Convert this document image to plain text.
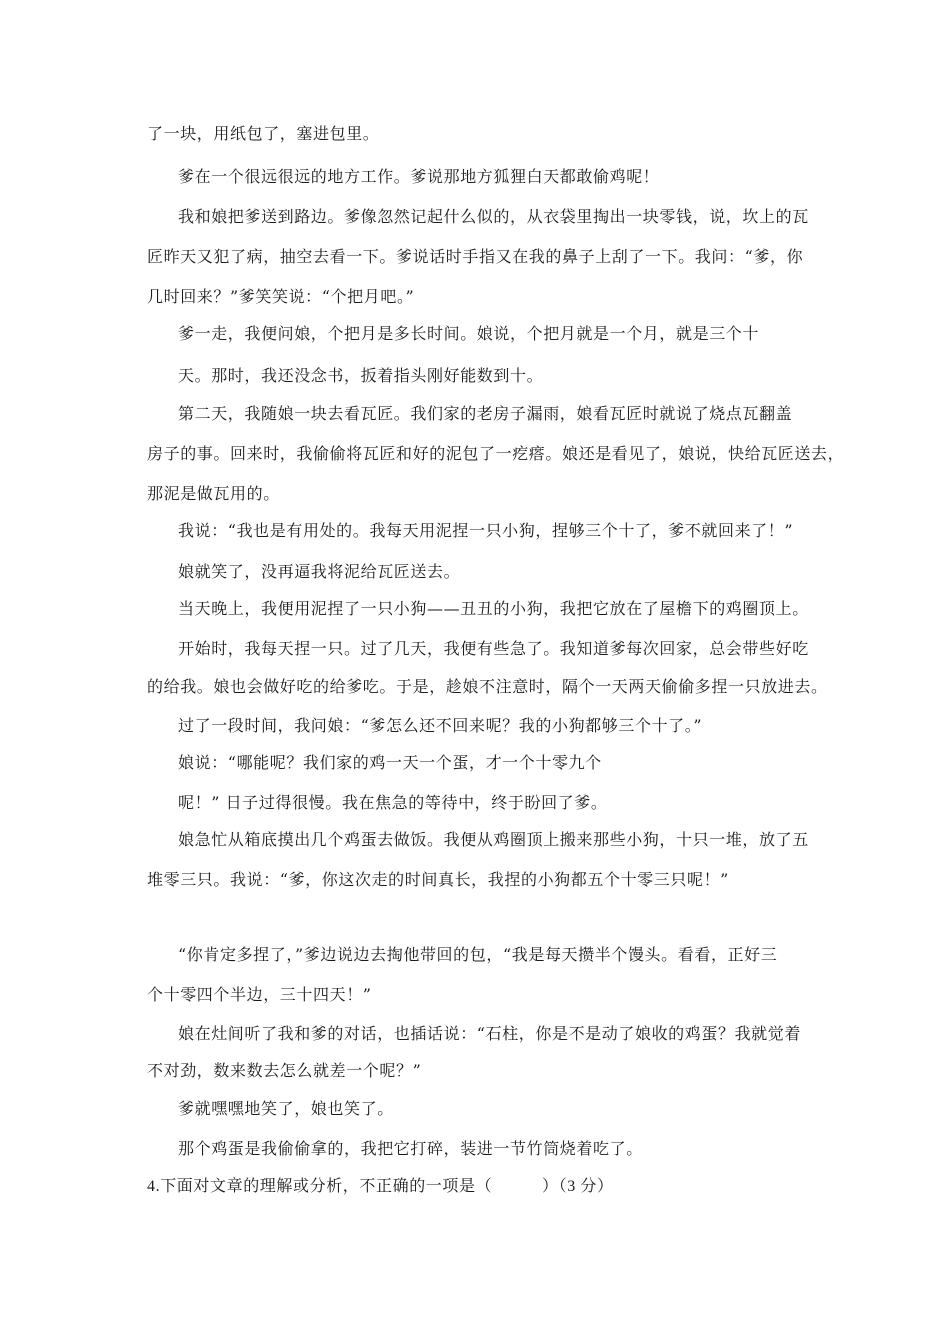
了一块，用纸包了，塞进包里。
爹在一个很远很远的地方工作。爹说那地方狐狸白天都敢偷鸡呢！
我和娘把爹送到路边。爹像忽然记起什么似的，从衣袋里掏出一块零钱，说，坎上的瓦
匠昨天又犯了病，抽空去看一下。爹说话时手指又在我的鼻子上刮了一下。我问：“爹，你
几时回来？”爹笑笑说：“个把月吧。”
爹一走，我便问娘，个把月是多长时间。娘说，个把月就是一个月，就是三个十
天。那时，我还没念书，扳着指头刚好能数到十。
第二天，我随娘一块去看瓦匠。我们家的老房子漏雨，娘看瓦匠时就说了烧点瓦翻盖
房子的事。回来时，我偷偷将瓦匠和好的泥包了一疙瘩。娘还是看见了，娘说，快给瓦匠送去，
那泥是做瓦用的。
我说：“我也是有用处的。我每天用泥捏一只小狗，捏够三个十了，爹不就回来了！”
娘就笑了，没再逼我将泥给瓦匠送去。
当天晚上，我便用泥捏了一只小狗——丑丑的小狗，我把它放在了屋檐下的鸡圈顶上。
开始时，我每天捏一只。过了几天，我便有些急了。我知道爹每次回家，总会带些好吃
的给我。娘也会做好吃的给爹吃。于是，趁娘不注意时，隔个一天两天偷偷多捏一只放进去。
过了一段时间，我问娘：“爹怎么还不回来呢？我的小狗都够三个十了。”
娘说：“哪能呢？我们家的鸡一天一个蛋，才一个十零九个
呢！” 日子过得很慢。我在焦急的等待中，终于盼回了爹。
娘急忙从箱底摸出几个鸡蛋去做饭。我便从鸡圈顶上搬来那些小狗，十只一堆，放了五
堆零三只。我说：“爹，你这次走的时间真长，我捏的小狗都五个十零三只呢！”
“你肯定多捏了，”爹边说边去掏他带回的包，“我是每天攒半个馒头。看看，正好三
个十零四个半边，三十四天！”
娘在灶间听了我和爹的对话，也插话说：“石柱，你是不是动了娘收的鸡蛋？我就觉着
不对劲，数来数去怎么就差一个呢？”
爹就嘿嘿地笑了，娘也笑了。
那个鸡蛋是我偷偷拿的，我把它打碎，装进一节竹筒烧着吃了。
4.下面对文章的理解或分析，不正确的一项是（　　　	）（3 分）
